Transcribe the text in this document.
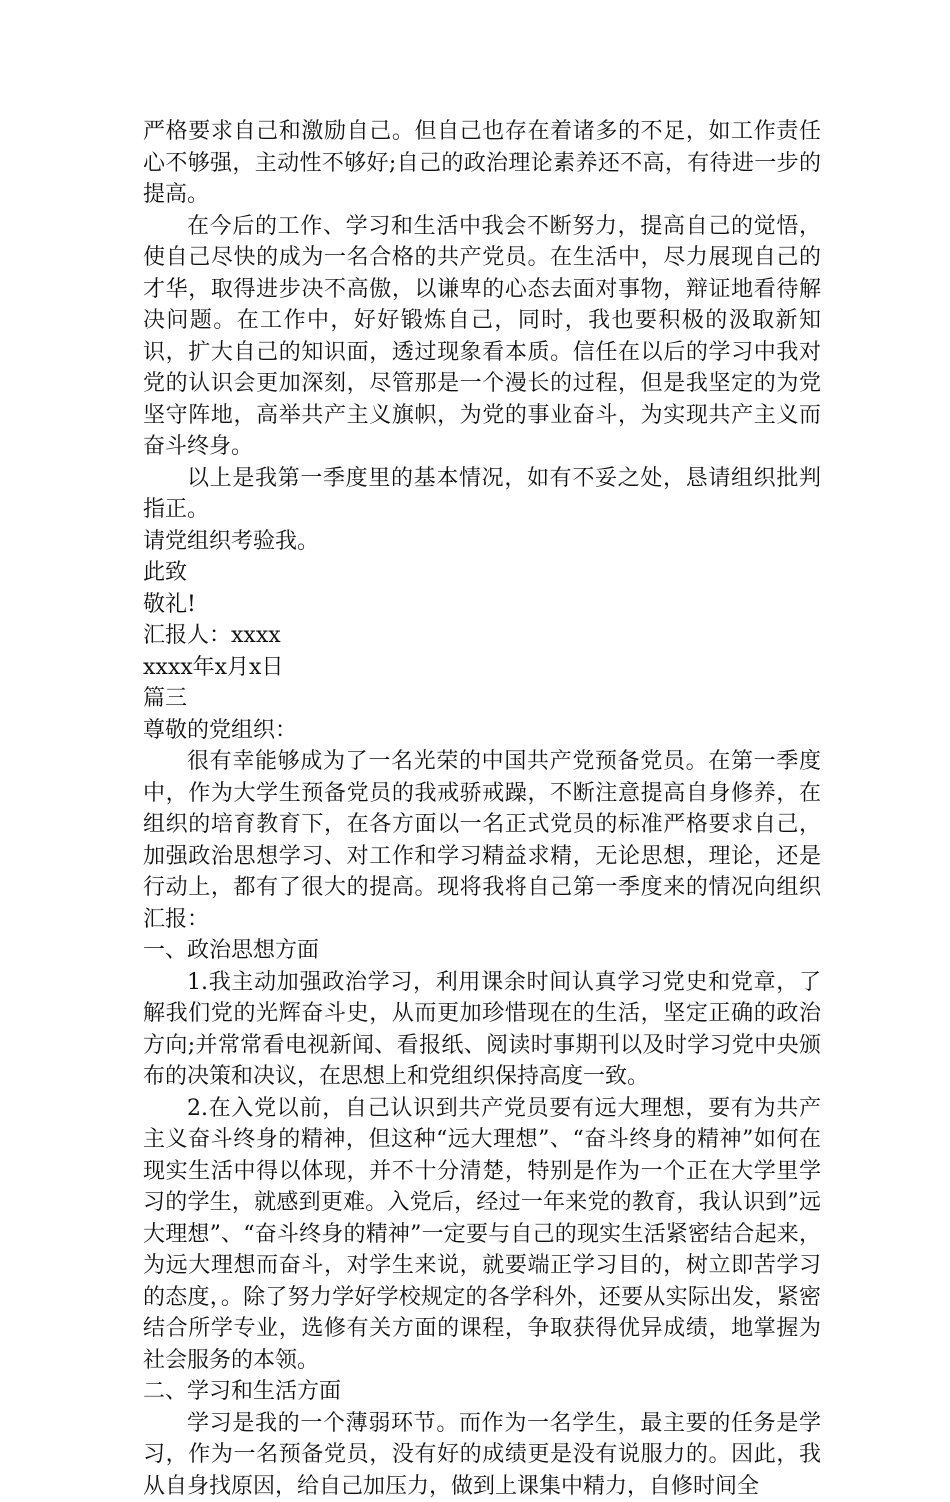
严格要求自己和激励自己。但自己也存在着诸多的不足，如工作责任心不够强，主动性不够好;自己的政治理论素养还不高，有待进一步的提高。

在今后的工作、学习和生活中我会不断努力，提高自己的觉悟，使自己尽快的成为一名合格的共产党员。在生活中，尽力展现自己的才华，取得进步决不高傲，以谦卑的心态去面对事物，辩证地看待解决问题。在工作中，好好锻炼自己，同时，我也要积极的汲取新知识，扩大自己的知识面，透过现象看本质。信任在以后的学习中我对党的认识会更加深刻，尽管那是一个漫长的过程，但是我坚定的为党坚守阵地，高举共产主义旗帜，为党的事业奋斗，为实现共产主义而奋斗终身。

以上是我第一季度里的基本情况，如有不妥之处，恳请组织批判指正。

请党组织考验我。

此致

敬礼!

汇报人：xxxx

xxxx年x月x日

篇三

尊敬的党组织：

很有幸能够成为了一名光荣的中国共产党预备党员。在第一季度中，作为大学生预备党员的我戒骄戒躁，不断注意提高自身修养，在组织的培育教育下，在各方面以一名正式党员的标准严格要求自己，加强政治思想学习、对工作和学习精益求精，无论思想，理论，还是行动上，都有了很大的提高。现将我将自己第一季度来的情况向组织汇报：

一、政治思想方面

1.我主动加强政治学习，利用课余时间认真学习党史和党章，了解我们党的光辉奋斗史，从而更加珍惜现在的生活，坚定正确的政治方向;并常常看电视新闻、看报纸、阅读时事期刊以及时学习党中央颁布的决策和决议，在思想上和党组织保持高度一致。

2.在入党以前，自己认识到共产党员要有远大理想，要有为共产主义奋斗终身的精神，但这种“远大理想”、“奋斗终身的精神”如何在现实生活中得以体现，并不十分清楚，特别是作为一个正在大学里学习的学生，就感到更难。入党后，经过一年来党的教育，我认识到”远大理想”、“奋斗终身的精神”一定要与自己的现实生活紧密结合起来，为远大理想而奋斗，对学生来说，就要端正学习目的，树立即苦学习的态度，。除了努力学好学校规定的各学科外，还要从实际出发，紧密结合所学专业，选修有关方面的课程，争取获得优异成绩，地掌握为社会服务的本领。

二、学习和生活方面

学习是我的一个薄弱环节。而作为一名学生，最主要的任务是学习，作为一名预备党员，没有好的成绩更是没有说服力的。因此，我从自身找原因，给自己加压力，做到上课集中精力，自修时间全
